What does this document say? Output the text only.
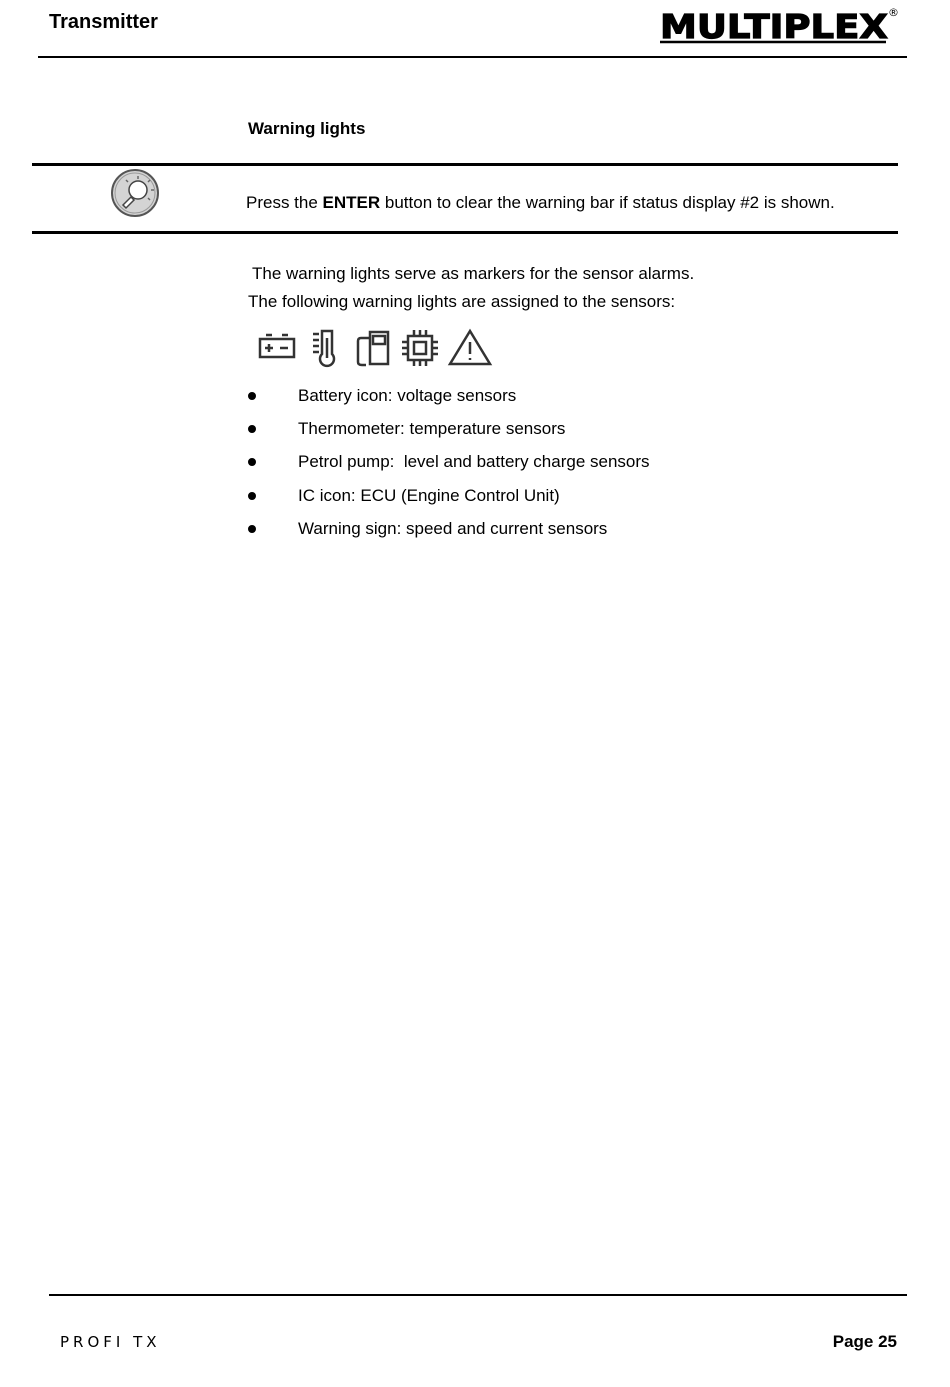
Transmitter	MULTIPLEX ®
Warning lights
Press the ENTER button to clear the warning bar if status display #2 is shown.
The warning lights serve as markers for the sensor alarms.
The following warning lights are assigned to the sensors:
Battery icon: voltage sensors
Thermometer: temperature sensors
Petrol pump:  level and battery charge sensors
IC icon: ECU (Engine Control Unit)
Warning sign: speed and current sensors
PROFI TX	Page 25
